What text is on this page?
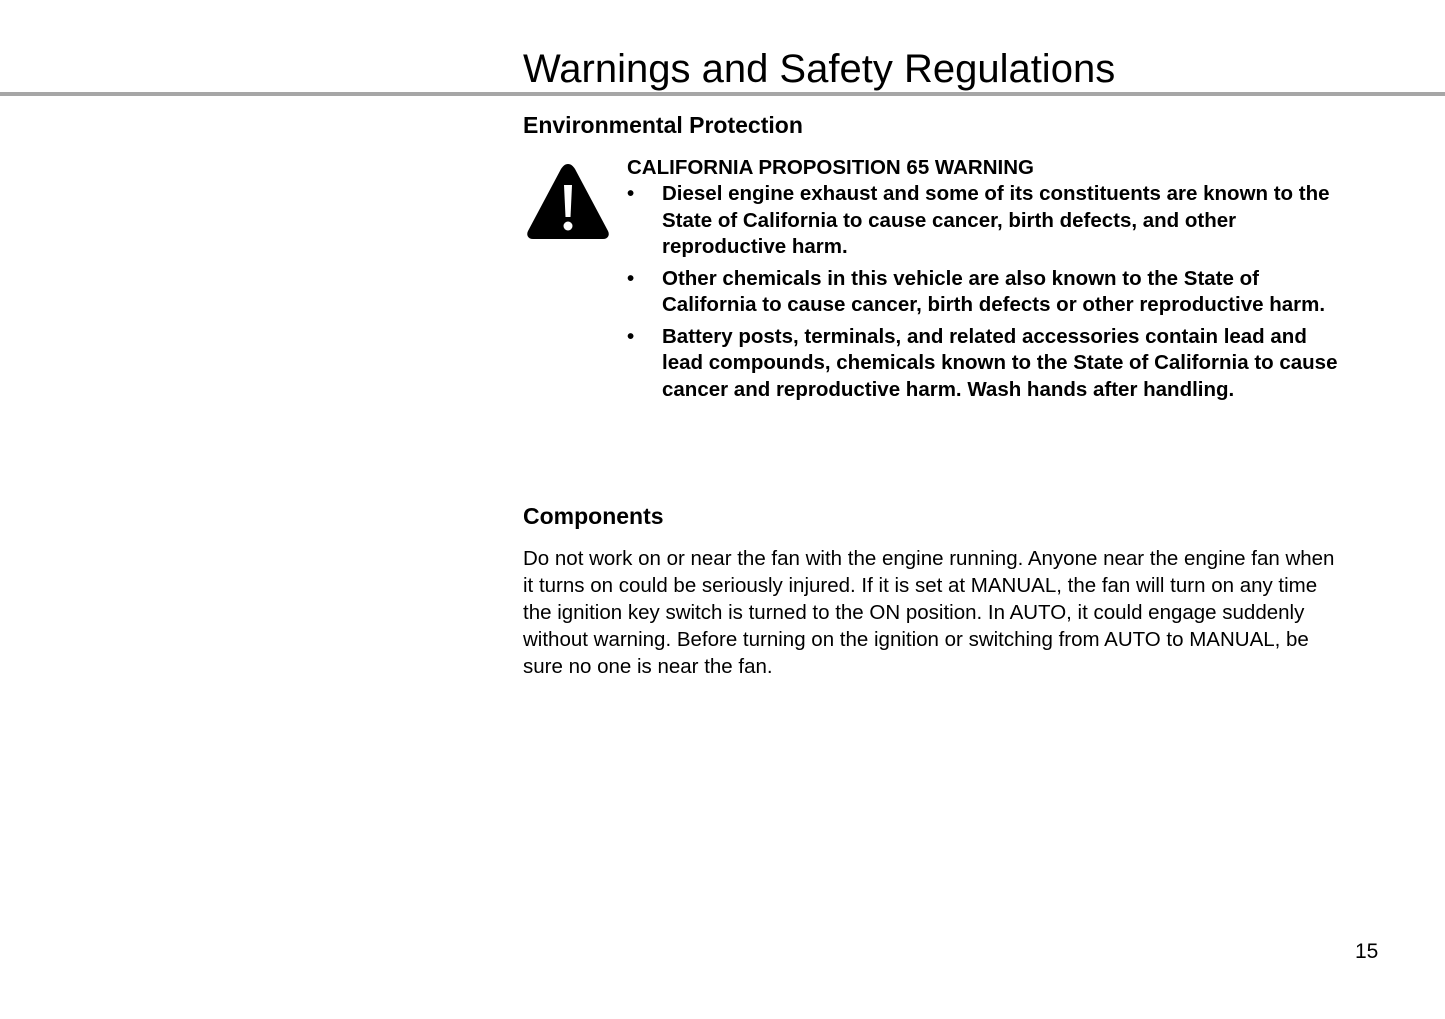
Warnings and Safety Regulations
Environmental Protection

CALIFORNIA PROPOSITION 65 WARNING

• Diesel engine exhaust and some of its constituents are known to the State of California to cause cancer, birth defects, and other reproductive harm.
• Other chemicals in this vehicle are also known to the State of California to cause cancer, birth defects or other reproductive harm.
• Battery posts, terminals, and related accessories contain lead and lead compounds, chemicals known to the State of California to cause cancer and reproductive harm. Wash hands after handling.
Components

Do not work on or near the fan with the engine running. Anyone near the engine fan when it turns on could be seriously injured. If it is set at MANUAL, the fan will turn on any time the ignition key switch is turned to the ON position. In AUTO, it could engage suddenly without warning. Before turning on the ignition or switching from AUTO to MANUAL, be sure no one is near the fan.

15
